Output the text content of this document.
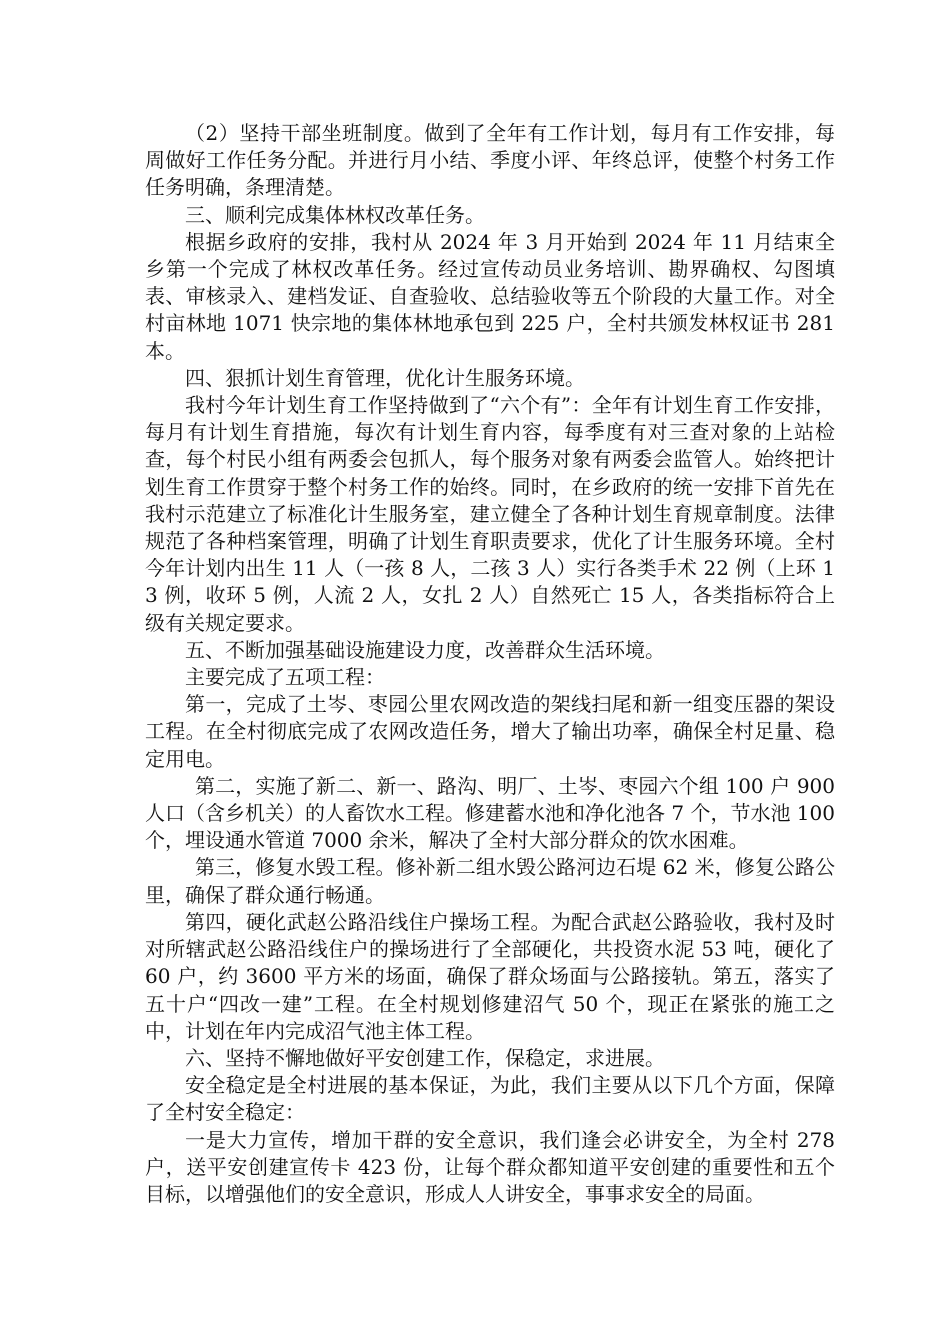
（2）坚持干部坐班制度。做到了全年有工作计划，每月有工作安排，每周做好工作任务分配。并进行月小结、季度小评、年终总评，使整个村务工作任务明确，条理清楚。

三、顺利完成集体林权改革任务。

根据乡政府的安排，我村从 2024 年 3 月开始到 2024 年 11 月结束全乡第一个完成了林权改革任务。经过宣传动员业务培训、勘界确权、勾图填表、审核录入、建档发证、自查验收、总结验收等五个阶段的大量工作。对全村亩林地 1071 快宗地的集体林地承包到 225 户，全村共颁发林权证书 281 本。

四、狠抓计划生育管理，优化计生服务环境。

我村今年计划生育工作坚持做到了“六个有”：全年有计划生育工作安排，每月有计划生育措施，每次有计划生育内容，每季度有对三查对象的上站检查，每个村民小组有两委会包抓人，每个服务对象有两委会监管人。始终把计划生育工作贯穿于整个村务工作的始终。同时，在乡政府的统一安排下首先在我村示范建立了标准化计生服务室，建立健全了各种计划生育规章制度。法律规范了各种档案管理，明确了计划生育职责要求，优化了计生服务环境。全村今年计划内出生 11 人（一孩 8 人，二孩 3 人）实行各类手术 22 例（上环 13 例，收环 5 例，人流 2 人，女扎 2 人）自然死亡 15 人，各类指标符合上级有关规定要求。

五、不断加强基础设施建设力度，改善群众生活环境。

主要完成了五项工程：

第一，完成了土岑、枣园公里农网改造的架线扫尾和新一组变压器的架设工程。在全村彻底完成了农网改造任务，增大了输出功率，确保全村足量、稳定用电。

第二，实施了新二、新一、路沟、明厂、土岑、枣园六个组 100 户 900 人口（含乡机关）的人畜饮水工程。修建蓄水池和净化池各 7 个，节水池 100 个，埋设通水管道 7000 余米，解决了全村大部分群众的饮水困难。

第三，修复水毁工程。修补新二组水毁公路河边石堤 62 米，修复公路公里，确保了群众通行畅通。

第四，硬化武赵公路沿线住户操场工程。为配合武赵公路验收，我村及时对所辖武赵公路沿线住户的操场进行了全部硬化，共投资水泥 53 吨，硬化了 60 户，约 3600 平方米的场面，确保了群众场面与公路接轨。第五，落实了五十户“四改一建”工程。在全村规划修建沼气 50 个，现正在紧张的施工之中，计划在年内完成沼气池主体工程。

六、坚持不懈地做好平安创建工作，保稳定，求进展。

安全稳定是全村进展的基本保证，为此，我们主要从以下几个方面，保障了全村安全稳定：

一是大力宣传，增加干群的安全意识，我们逢会必讲安全，为全村 278 户，送平安创建宣传卡 423 份，让每个群众都知道平安创建的重要性和五个目标，以增强他们的安全意识，形成人人讲安全，事事求安全的局面。
